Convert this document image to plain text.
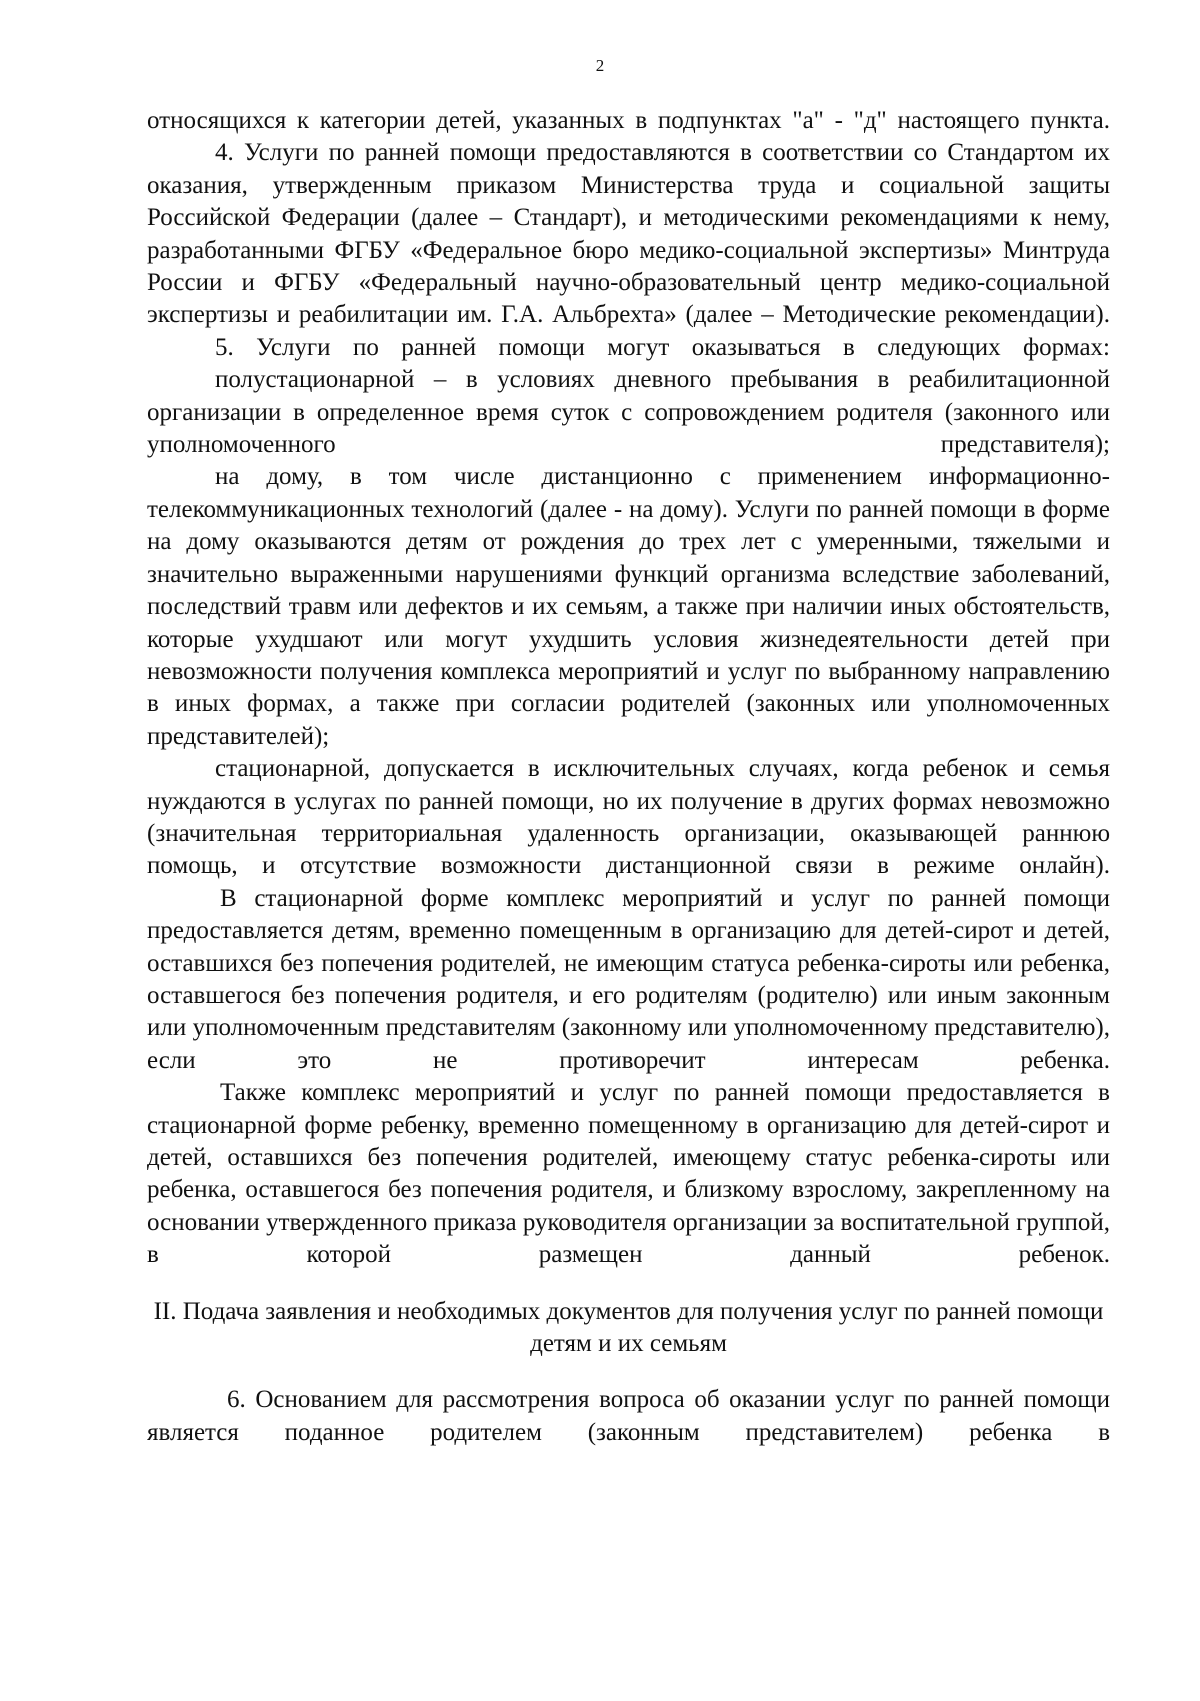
2

относящихся к категории детей, указанных в подпунктах "а" - "д" настоящего пункта.

4. Услуги по ранней помощи предоставляются в соответствии со Стандартом их оказания, утвержденным приказом Министерства труда и социальной защиты Российской Федерации (далее – Стандарт), и методическими рекомендациями к нему, разработанными ФГБУ «Федеральное бюро медико-социальной экспертизы» Минтруда России и ФГБУ «Федеральный научно-образовательный центр медико-социальной экспертизы и реабилитации им. Г.А. Альбрехта» (далее – Методические рекомендации).

5. Услуги по ранней помощи могут оказываться в следующих формах:

полустационарной – в условиях дневного пребывания в реабилитационной организации в определенное время суток с сопровождением родителя (законного или уполномоченного представителя);

на дому, в том числе дистанционно с применением информационно-телекоммуникационных технологий (далее - на дому). Услуги по ранней помощи в форме на дому оказываются детям от рождения до трех лет с умеренными, тяжелыми и значительно выраженными нарушениями функций организма вследствие заболеваний, последствий травм или дефектов и их семьям, а также при наличии иных обстоятельств, которые ухудшают или могут ухудшить условия жизнедеятельности детей при невозможности получения комплекса мероприятий и услуг по выбранному направлению в иных формах, а также при согласии родителей (законных или уполномоченных представителей);

стационарной, допускается в исключительных случаях, когда ребенок и семья нуждаются в услугах по ранней помощи, но их получение в других формах невозможно (значительная территориальная удаленность организации, оказывающей раннюю помощь, и отсутствие возможности дистанционной связи в режиме онлайн).

В стационарной форме комплекс мероприятий и услуг по ранней помощи предоставляется детям, временно помещенным в организацию для детей-сирот и детей, оставшихся без попечения родителей, не имеющим статуса ребенка-сироты или ребенка, оставшегося без попечения родителя, и его родителям (родителю) или иным законным или уполномоченным представителям (законному или уполномоченному представителю), если это не противоречит интересам ребенка.

Также комплекс мероприятий и услуг по ранней помощи предоставляется в стационарной форме ребенку, временно помещенному в организацию для детей-сирот и детей, оставшихся без попечения родителей, имеющему статус ребенка-сироты или ребенка, оставшегося без попечения родителя, и близкому взрослому, закрепленному на основании утвержденного приказа руководителя организации за воспитательной группой, в которой размещен данный ребенок.

II. Подача заявления и необходимых документов для получения услуг по ранней помощи детям и их семьям

6. Основанием для рассмотрения вопроса об оказании услуг по ранней помощи является поданное родителем (законным представителем) ребенка в
